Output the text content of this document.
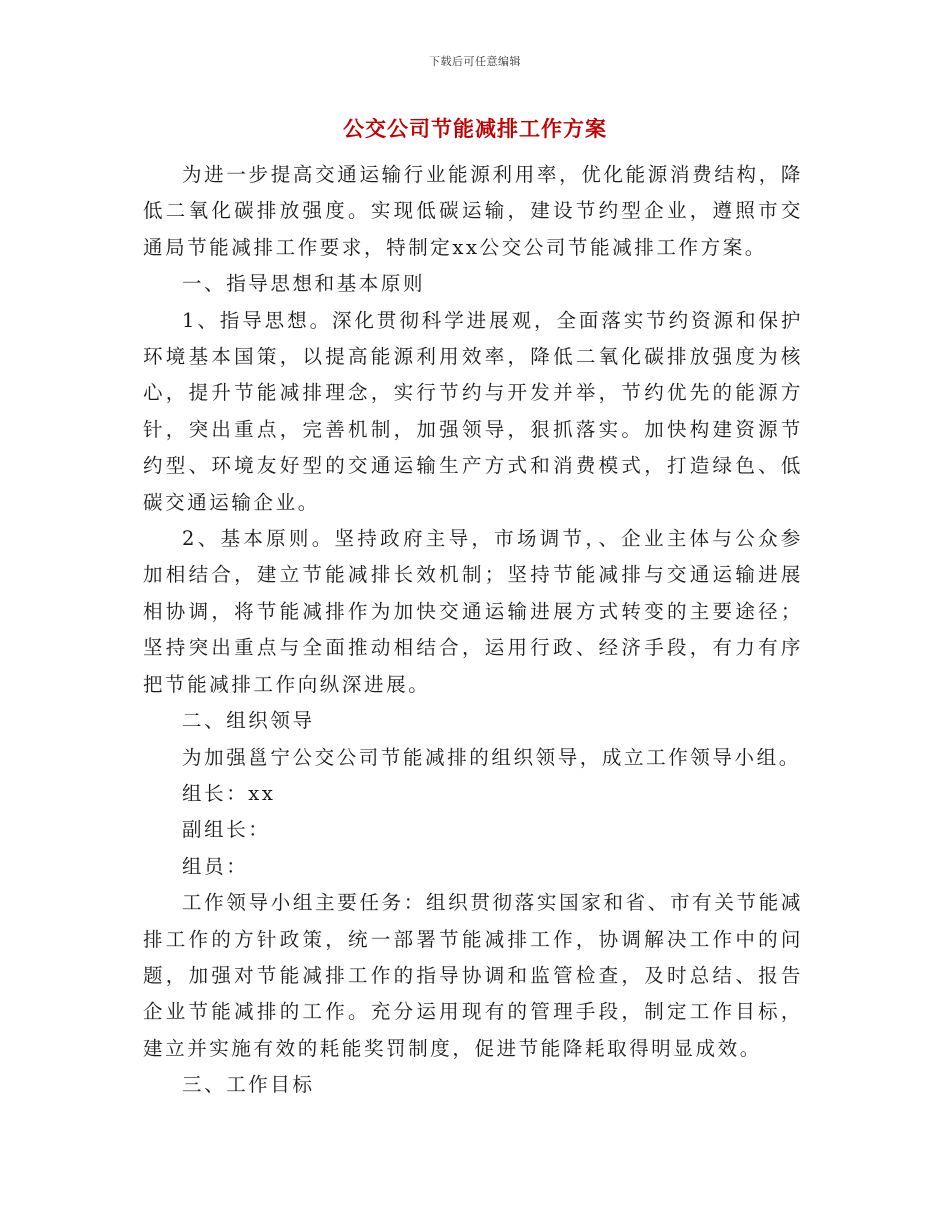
下载后可任意编辑
公交公司节能减排工作方案

为进一步提高交通运输行业能源利用率，优化能源消费结构，降低二氧化碳排放强度。实现低碳运输，建设节约型企业，遵照市交通局节能减排工作要求，特制定xx公交公司节能减排工作方案。

一、指导思想和基本原则

1、指导思想。深化贯彻科学进展观，全面落实节约资源和保护环境基本国策，以提高能源利用效率，降低二氧化碳排放强度为核心，提升节能减排理念，实行节约与开发并举，节约优先的能源方针，突出重点，完善机制，加强领导，狠抓落实。加快构建资源节约型、环境友好型的交通运输生产方式和消费模式，打造绿色、低碳交通运输企业。

2、基本原则。坚持政府主导，市场调节，、企业主体与公众参加相结合，建立节能减排长效机制；坚持节能减排与交通运输进展相协调，将节能减排作为加快交通运输进展方式转变的主要途径；坚持突出重点与全面推动相结合，运用行政、经济手段，有力有序把节能减排工作向纵深进展。

二、组织领导

为加强邕宁公交公司节能减排的组织领导，成立工作领导小组。

组长：xx

副组长：

组员：

工作领导小组主要任务：组织贯彻落实国家和省、市有关节能减排工作的方针政策，统一部署节能减排工作，协调解决工作中的问题，加强对节能减排工作的指导协调和监管检查，及时总结、报告企业节能减排的工作。充分运用现有的管理手段，制定工作目标，建立并实施有效的耗能奖罚制度，促进节能降耗取得明显成效。

三、工作目标
